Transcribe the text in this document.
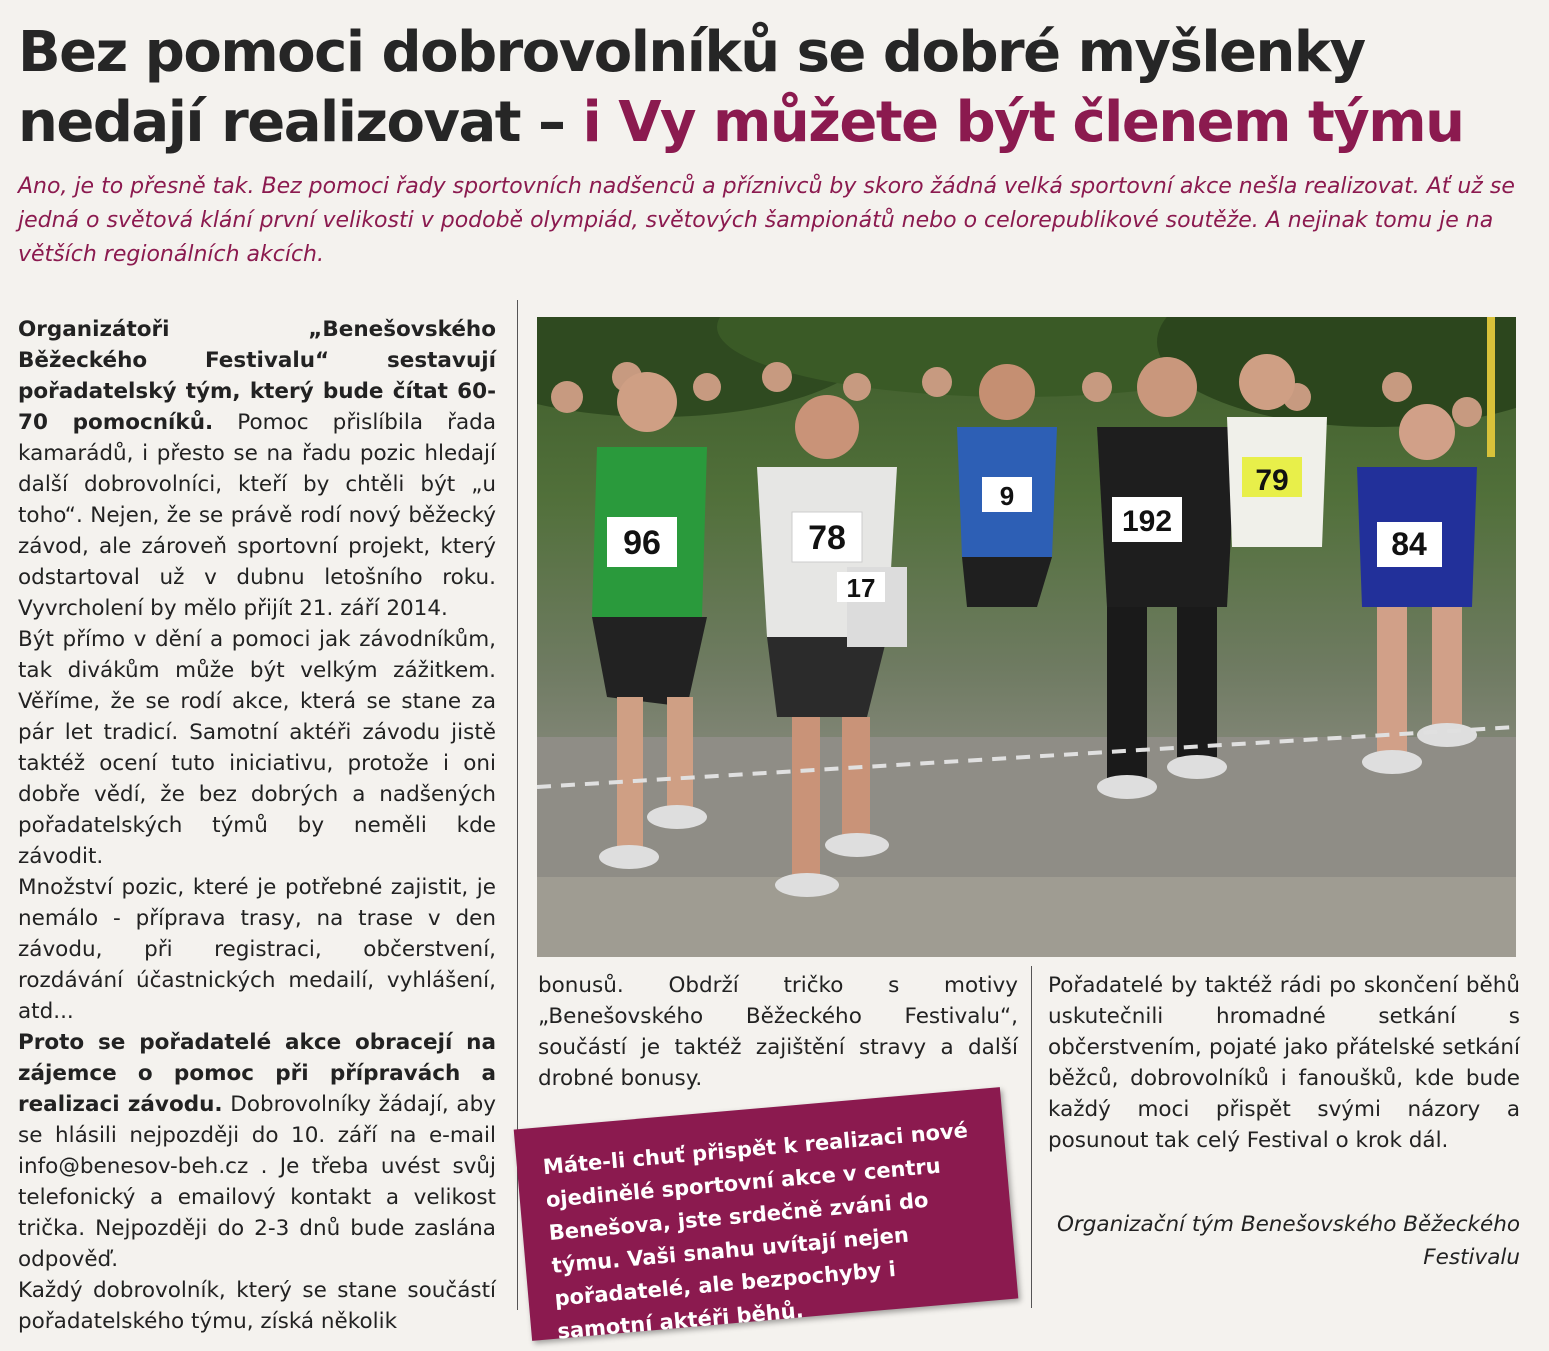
Bez pomoci dobrovolníků se dobré myšlenky nedají realizovat – i Vy můžete být členem týmu

Ano, je to přesně tak. Bez pomoci řady sportovních nadšenců a příznivců by skoro žádná velká sportovní akce nešla realizovat. Ať už se jedná o světová klání první velikosti v podobě olympiád, světových šampionátů nebo o celorepublikové soutěže. A nejinak tomu je na větších regionálních akcích.

Organizátoři „Benešovského Běžeckého Festivalu“ sestavují pořadatelský tým, který bude čítat 60-70 pomocníků. Pomoc přislíbila řada kamarádů, i přesto se na řadu pozic hledají další dobrovolníci, kteří by chtěli být „u toho“. Nejen, že se právě rodí nový běžecký závod, ale zároveň sportovní projekt, který odstartoval už v dubnu letošního roku. Vyvrcholení by mělo přijít 21. září 2014.

Být přímo v dění a pomoci jak závodníkům, tak divákům může být velkým zážitkem. Věříme, že se rodí akce, která se stane za pár let tradicí. Samotní aktéři závodu jistě taktéž ocení tuto iniciativu, protože i oni dobře vědí, že bez dobrých a nadšených pořadatelských týmů by neměli kde závodit.

Množství pozic, které je potřebné zajistit, je nemálo - příprava trasy, na trase v den závodu, při registraci, občerstvení, rozdávání účastnických medailí, vyhlášení, atd...

Proto se pořadatelé akce obracejí na zájemce o pomoc při přípravách a realizaci závodu. Dobrovolníky žádají, aby se hlásili nejpozději do 10. září na e-mail info@benesov-beh.cz . Je třeba uvést svůj telefonický a emailový kontakt a velikost trička. Nejpozději do 2-3 dnů bude zaslána odpověď.

Každý dobrovolník, který se stane součástí pořadatelského týmu, získá několik

96	78	192
79
84
17
9

bonusů. Obdrží tričko s motivy „Benešovského Běžeckého Festivalu“, součástí je taktéž zajištění stravy a další drobné bonusy.

Pořadatelé by taktéž rádi po skončení běhů uskutečnili hromadné setkání s občerstvením, pojaté jako přátelské setkání běžců, dobrovolníků i fanoušků, kde bude každý moci přispět svými názory a posunout tak celý Festival o krok dál.

Organizační tým Benešovského Běžeckého Festivalu
Máte-li chuť přispět k realizaci nové ojedinělé sportovní akce v centru Benešova, jste srdečně zváni do týmu. Vaši snahu uvítají nejen pořadatelé, ale bezpochyby i samotní aktéři běhů.
